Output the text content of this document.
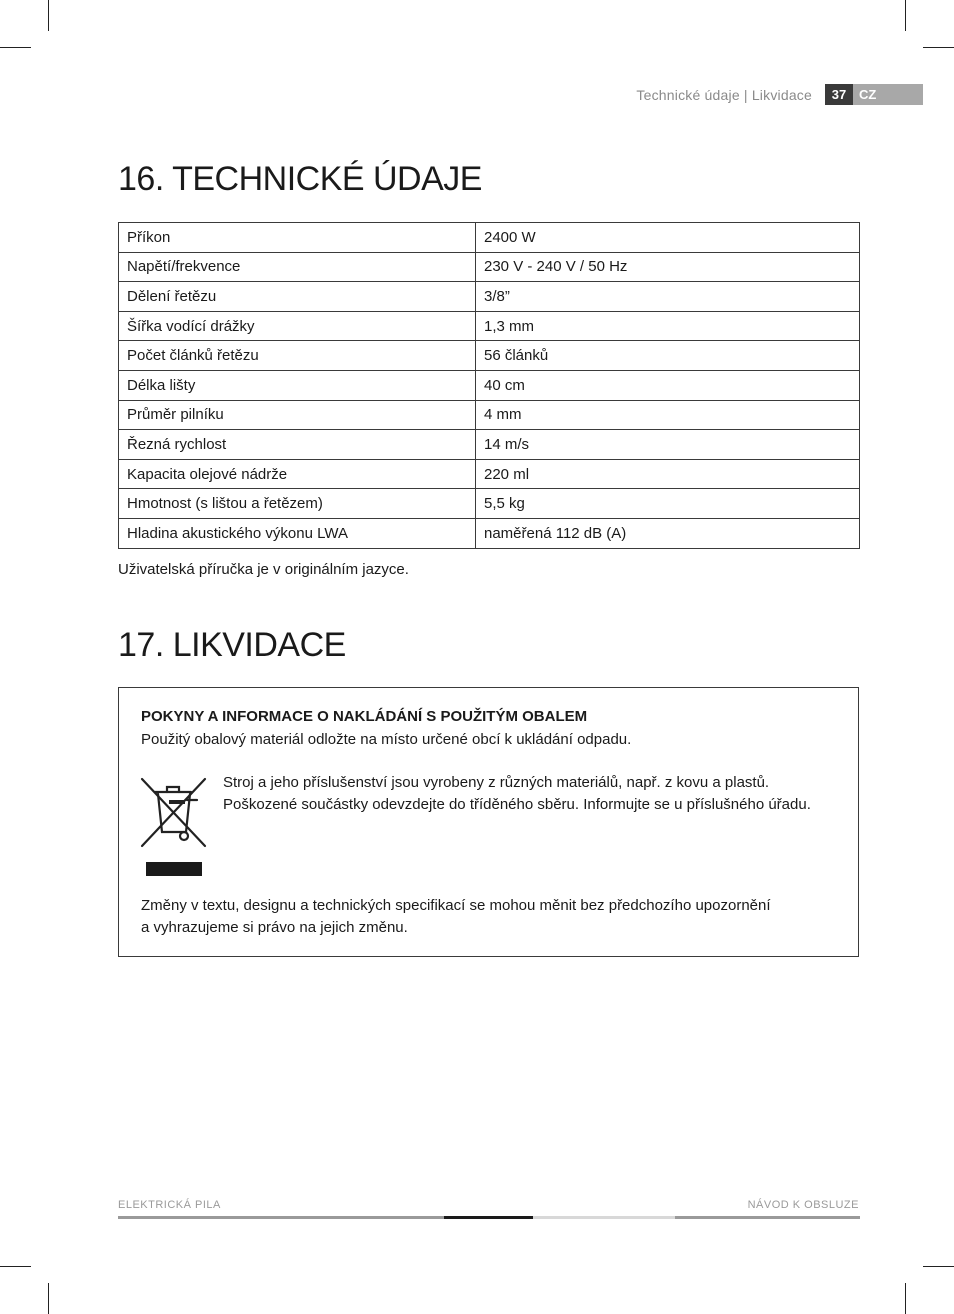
Technické údaje | Likvidace	37 CZ
16. TECHNICKÉ ÚDAJE
Příkon	2400 W
Napětí/frekvence	230 V - 240 V / 50 Hz
Dělení řetězu	3/8”
Šířka vodící drážky	1,3 mm
Počet článků řetězu	56 článků
Délka lišty	40 cm
Průměr pilníku	4 mm
Řezná rychlost	14 m/s
Kapacita olejové nádrže	220 ml
Hmotnost (s lištou a řetězem)	5,5 kg
Hladina akustického výkonu LWA	naměřená 112 dB (A)
Uživatelská příručka je v originálním jazyce.
17. LIKVIDACE
POKYNY A INFORMACE O NAKLÁDÁNÍ S POUŽITÝM OBALEM
Použitý obalový materiál odložte na místo určené obcí k ukládání odpadu.
Stroj a jeho příslušenství jsou vyrobeny z různých materiálů, např. z kovu a plastů.
Poškozené součástky odevzdejte do tříděného sběru. Informujte se u příslušného úřadu.
Změny v textu, designu a technických specifikací se mohou měnit bez předchozího upozornění
a vyhrazujeme si právo na jejich změnu.
ELEKTRICKÁ PILA	NÁVOD K OBSLUZE
